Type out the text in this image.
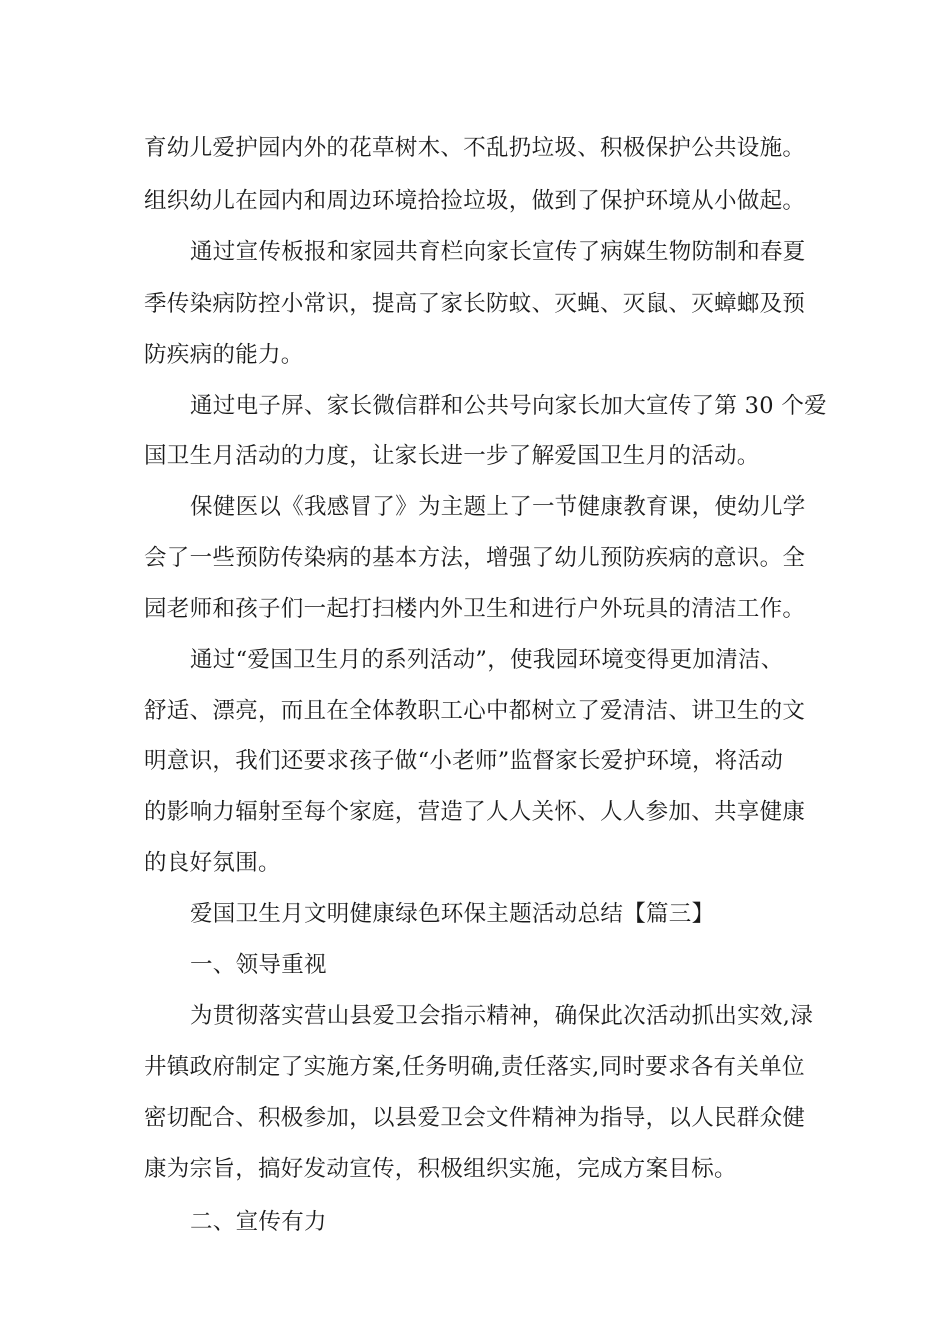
育幼儿爱护园内外的花草树木、不乱扔垃圾、积极保护公共设施。
组织幼儿在园内和周边环境拾捡垃圾，做到了保护环境从小做起。
通过宣传板报和家园共育栏向家长宣传了病媒生物防制和春夏
季传染病防控小常识，提高了家长防蚊、灭蝇、灭鼠、灭蟑螂及预
防疾病的能力。
通过电子屏、家长微信群和公共号向家长加大宣传了第 30 个爱
国卫生月活动的力度，让家长进一步了解爱国卫生月的活动。
保健医以《我感冒了》为主题上了一节健康教育课，使幼儿学
会了一些预防传染病的基本方法，增强了幼儿预防疾病的意识。全
园老师和孩子们一起打扫楼内外卫生和进行户外玩具的清洁工作。
通过“爱国卫生月的系列活动”，使我园环境变得更加清洁、
舒适、漂亮，而且在全体教职工心中都树立了爱清洁、讲卫生的文
明意识，我们还要求孩子做“小老师”监督家长爱护环境，将活动
的影响力辐射至每个家庭，营造了人人关怀、人人参加、共享健康
的良好氛围。
爱国卫生月文明健康绿色环保主题活动总结【篇三】
一、领导重视
为贯彻落实营山县爱卫会指示精神，确保此次活动抓出实效,渌
井镇政府制定了实施方案,任务明确,责任落实,同时要求各有关单位
密切配合、积极参加，以县爱卫会文件精神为指导，以人民群众健
康为宗旨，搞好发动宣传，积极组织实施，完成方案目标。
二、宣传有力
